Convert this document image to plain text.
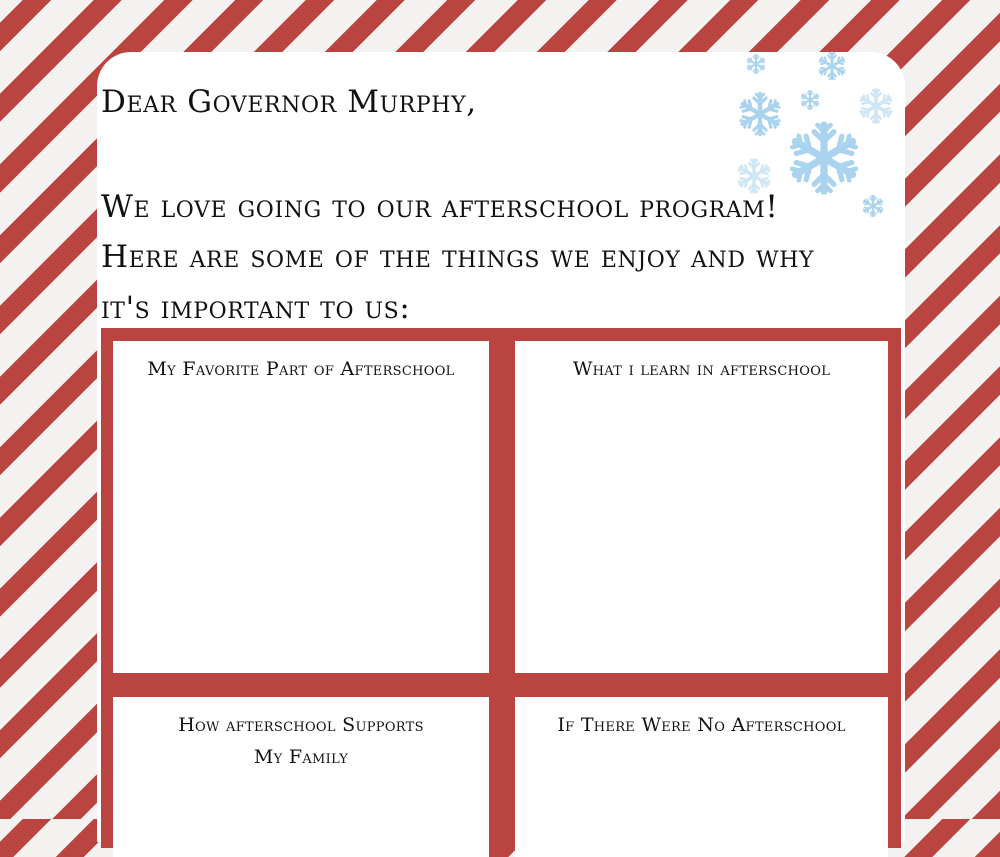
Dear Governor Murphy,
We love going to our afterschool program!
Here are some of the things we enjoy and why
it's important to us:
My Favorite Part of Afterschool	What i learn in afterschool
How afterschool Supports
My Family
If There Were No Afterschool
